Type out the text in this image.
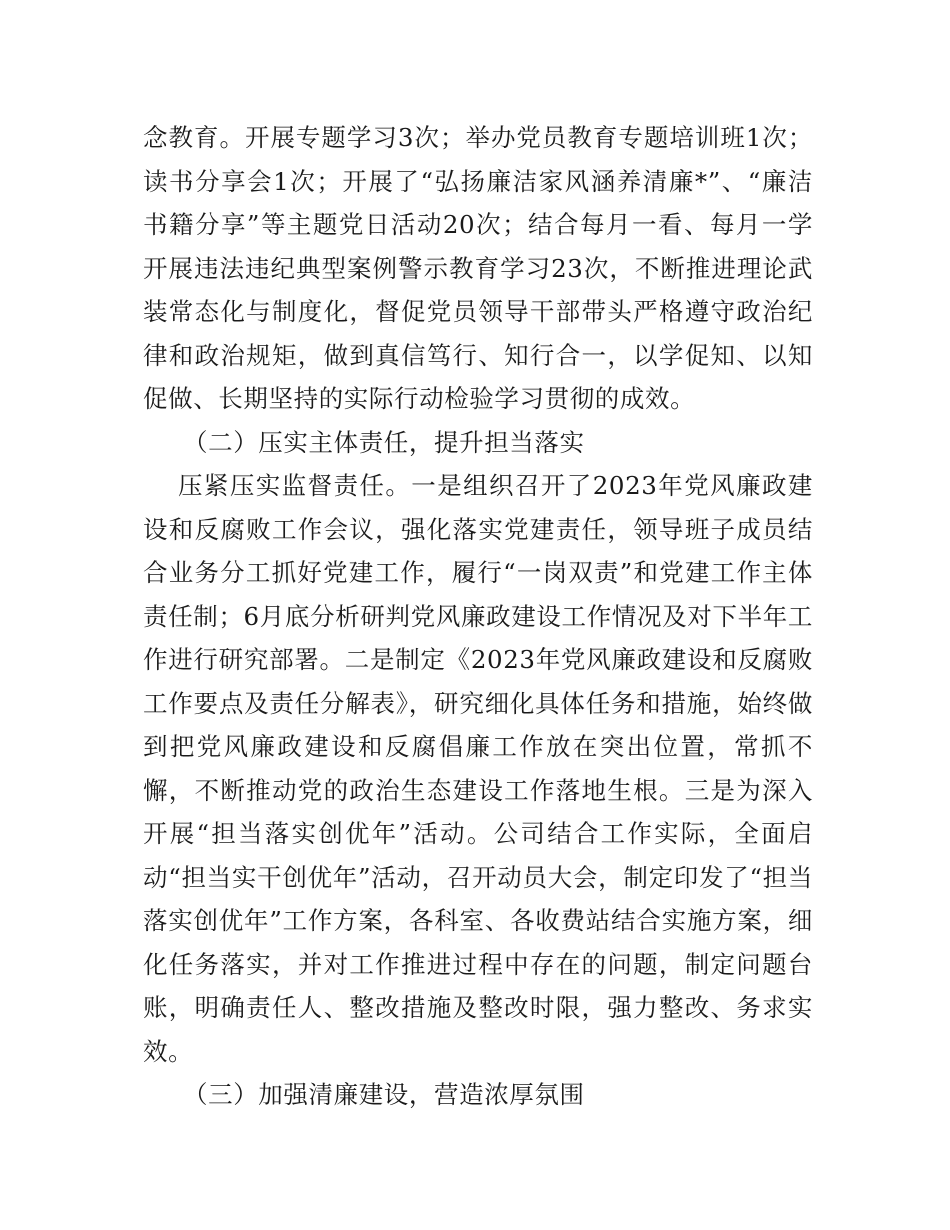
念教育。开展专题学习3次；举办党员教育专题培训班1次；读书分享会1次；开展了“弘扬廉洁家风涵养清廉*”、“廉洁书籍分享”等主题党日活动20次；结合每月一看、每月一学开展违法违纪典型案例警示教育学习23次，不断推进理论武装常态化与制度化，督促党员领导干部带头严格遵守政治纪律和政治规矩，做到真信笃行、知行合一，以学促知、以知促做、长期坚持的实际行动检验学习贯彻的成效。

（二）压实主体责任，提升担当落实

压紧压实监督责任。一是组织召开了2023年党风廉政建设和反腐败工作会议，强化落实党建责任，领导班子成员结合业务分工抓好党建工作，履行“一岗双责”和党建工作主体责任制；6月底分析研判党风廉政建设工作情况及对下半年工作进行研究部署。二是制定《2023年党风廉政建设和反腐败工作要点及责任分解表》，研究细化具体任务和措施，始终做到把党风廉政建设和反腐倡廉工作放在突出位置，常抓不懈，不断推动党的政治生态建设工作落地生根。三是为深入开展“担当落实创优年”活动。公司结合工作实际，全面启动“担当实干创优年”活动，召开动员大会，制定印发了“担当落实创优年”工作方案，各科室、各收费站结合实施方案，细化任务落实，并对工作推进过程中存在的问题，制定问题台账，明确责任人、整改措施及整改时限，强力整改、务求实效。

（三）加强清廉建设，营造浓厚氛围
